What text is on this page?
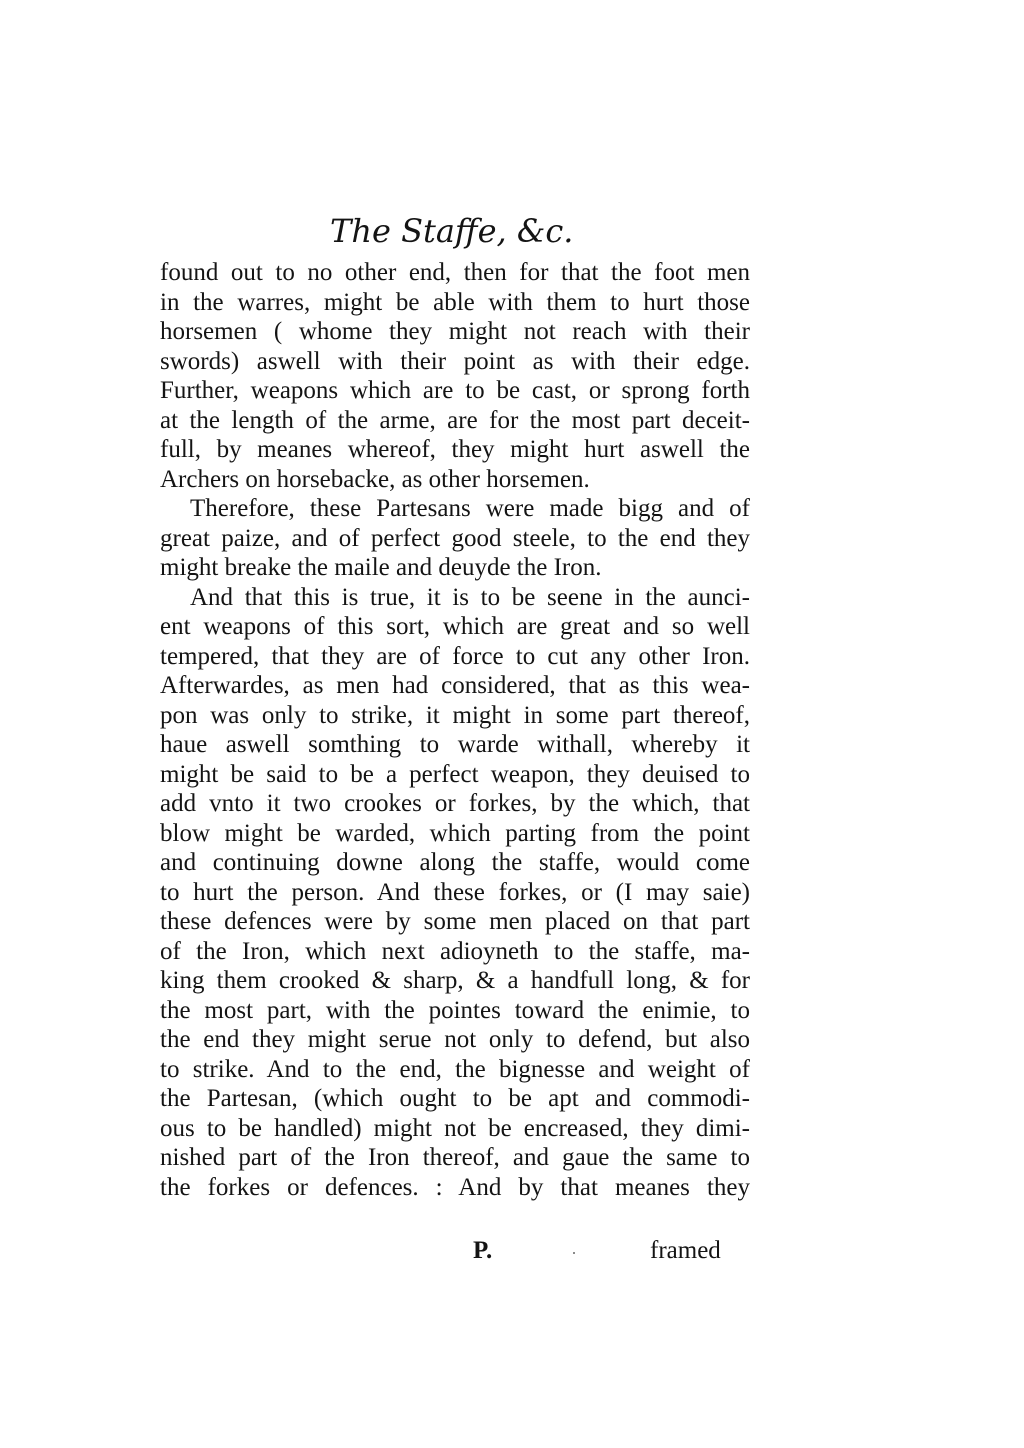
The Staffe, &c.
found out to no other end, then for that the foot men
in the warres, might be able with them to hurt those
horsemen ( whome they might not reach with their
swords) aswell with their point as with their edge.
Further, weapons which are to be cast, or sprong forth
at the length of the arme, are for the most part deceit-
full, by meanes whereof, they might hurt aswell the
Archers on horsebacke, as other horsemen.
Therefore, these Partesans were made bigg and of
great paize, and of perfect good steele, to the end they
might breake the maile and deuyde the Iron.
And that this is true, it is to be seene in the aunci-
ent weapons of this sort, which are great and so well
tempered, that they are of force to cut any other Iron.
Afterwardes, as men had considered, that as this wea-
pon was only to strike, it might in some part thereof,
haue aswell somthing to warde withall, whereby it
might be said to be a perfect weapon, they deuised to
add vnto it two crookes or forkes, by the which, that
blow might be warded, which parting from the point
and continuing downe along the staffe, would come
to hurt the person. And these forkes, or (I may saie)
these defences were by some men placed on that part
of the Iron, which next adioyneth to the staffe, ma-
king them crooked & sharp, & a handfull long, & for
the most part, with the pointes toward the enimie, to
the end they might serue not only to defend, but also
to strike. And to the end, the bignesse and weight of
the Partesan, (which ought to be apt and commodi-
ous to be handled) might not be encreased, they dimi-
nished part of the Iron thereof, and gaue the same to
the forkes or defences. : And by that meanes they
P.	framed
